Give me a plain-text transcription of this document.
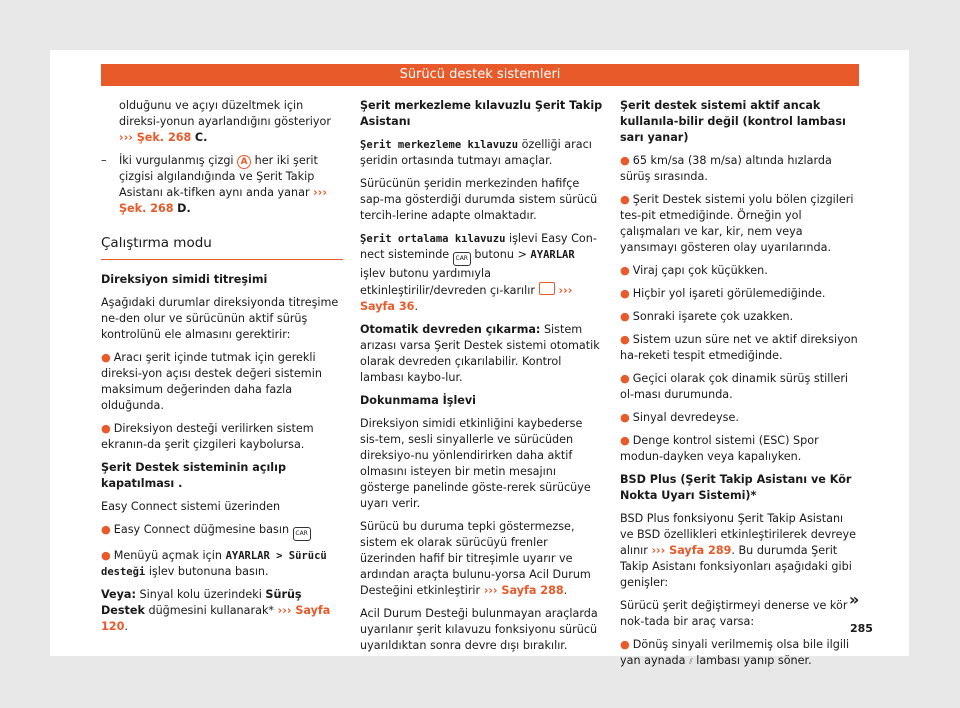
Sürücü destek sistemleri

olduğunu ve açıyı düzeltmek için direksi-yonun ayarlandığını gösteriyor ››› Şek. 268 C.

– İki vurgulanmış çizgi A her iki şerit çizgisi algılandığında ve Şerit Takip Asistanı ak-tifken aynı anda yanar ››› Şek. 268 D.

Çalıştırma modu

Direksiyon simidi titreşimi

Aşağıdaki durumlar direksiyonda titreşime ne-den olur ve sürücünün aktif sürüş kontrolünü ele almasını gerektirir:

● Aracı şerit içinde tutmak için gerekli direksi-yon açısı destek değeri sistemin maksimum değerinden daha fazla olduğunda.

● Direksiyon desteği verilirken sistem ekranın-da şerit çizgileri kaybolursa.

Şerit Destek sisteminin açılıp kapatılması .

Easy Connect sistemi üzerinden

● Easy Connect düğmesine basın CAR

● Menüyü açmak için AYARLAR > Sürücü desteği işlev butonuna basın.

Veya: Sinyal kolu üzerindeki Sürüş Destek düğmesini kullanarak* ››› Sayfa 120.

Şerit merkezleme kılavuzlu Şerit Takip Asistanı

Şerit merkezleme kılavuzu özelliği aracı şeridin ortasında tutmayı amaçlar.

Sürücünün şeridin merkezinden hafifçe sap-ma gösterdiği durumda sistem sürücü tercih-lerine adapte olmaktadır.

Şerit ortalama kılavuzu işlevi Easy Con-nect sisteminde CAR butonu > AYARLAR işlev butonu yardımıyla etkinleştirilir/devreden çı-karılır ››› Sayfa 36.

Otomatik devreden çıkarma: Sistem arızası varsa Şerit Destek sistemi otomatik olarak devreden çıkarılabilir. Kontrol lambası kaybo-lur.

Dokunmama İşlevi

Direksiyon simidi etkinliğini kaybederse sis-tem, sesli sinyallerle ve sürücüden direksiyo-nu yönlendirirken daha aktif olmasını isteyen bir metin mesajını gösterge panelinde göste-rerek sürücüye uyarı verir.

Sürücü bu duruma tepki göstermezse, sistem ek olarak sürücüyü frenler üzerinden hafif bir titreşimle uyarır ve ardından araçta bulunu-yorsa Acil Durum Desteğini etkinleştirir ››› Sayfa 288.

Acil Durum Desteği bulunmayan araçlarda uyarılanır şerit kılavuzu fonksiyonu sürücü uyarıldıktan sonra devre dışı bırakılır.

Şerit destek sistemi aktif ancak kullanıla-bilir değil (kontrol lambası sarı yanar)

● 65 km/sa (38 m/sa) altında hızlarda sürüş sırasında.

● Şerit Destek sistemi yolu bölen çizgileri tes-pit etmediğinde. Örneğin yol çalışmaları ve kar, kir, nem veya yansımayı gösteren olay uyarılarında.

● Viraj çapı çok küçükken.

● Hiçbir yol işareti görülemediğinde.

● Sonraki işarete çok uzakken.

● Sistem uzun süre net ve aktif direksiyon ha-reketi tespit etmediğinde.

● Geçici olarak çok dinamik sürüş stilleri ol-ması durumunda.

● Sinyal devredeyse.

● Denge kontrol sistemi (ESC) Spor modun-dayken veya kapalıyken.

BSD Plus (Şerit Takip Asistanı ve Kör Nokta Uyarı Sistemi)*

BSD Plus fonksiyonu Şerit Takip Asistanı ve BSD özellikleri etkinleştirilerek devreye alınır ››› Sayfa 289. Bu durumda Şerit Takip Asistanı fonksiyonları aşağıdaki gibi genişler:

Sürücü şerit değiştirmeyi denerse ve kör nok-tada bir araç varsa:

● Dönüş sinyali verilmemiş olsa bile ilgili yan aynada ⫽ lambası yanıp söner.

»
285
